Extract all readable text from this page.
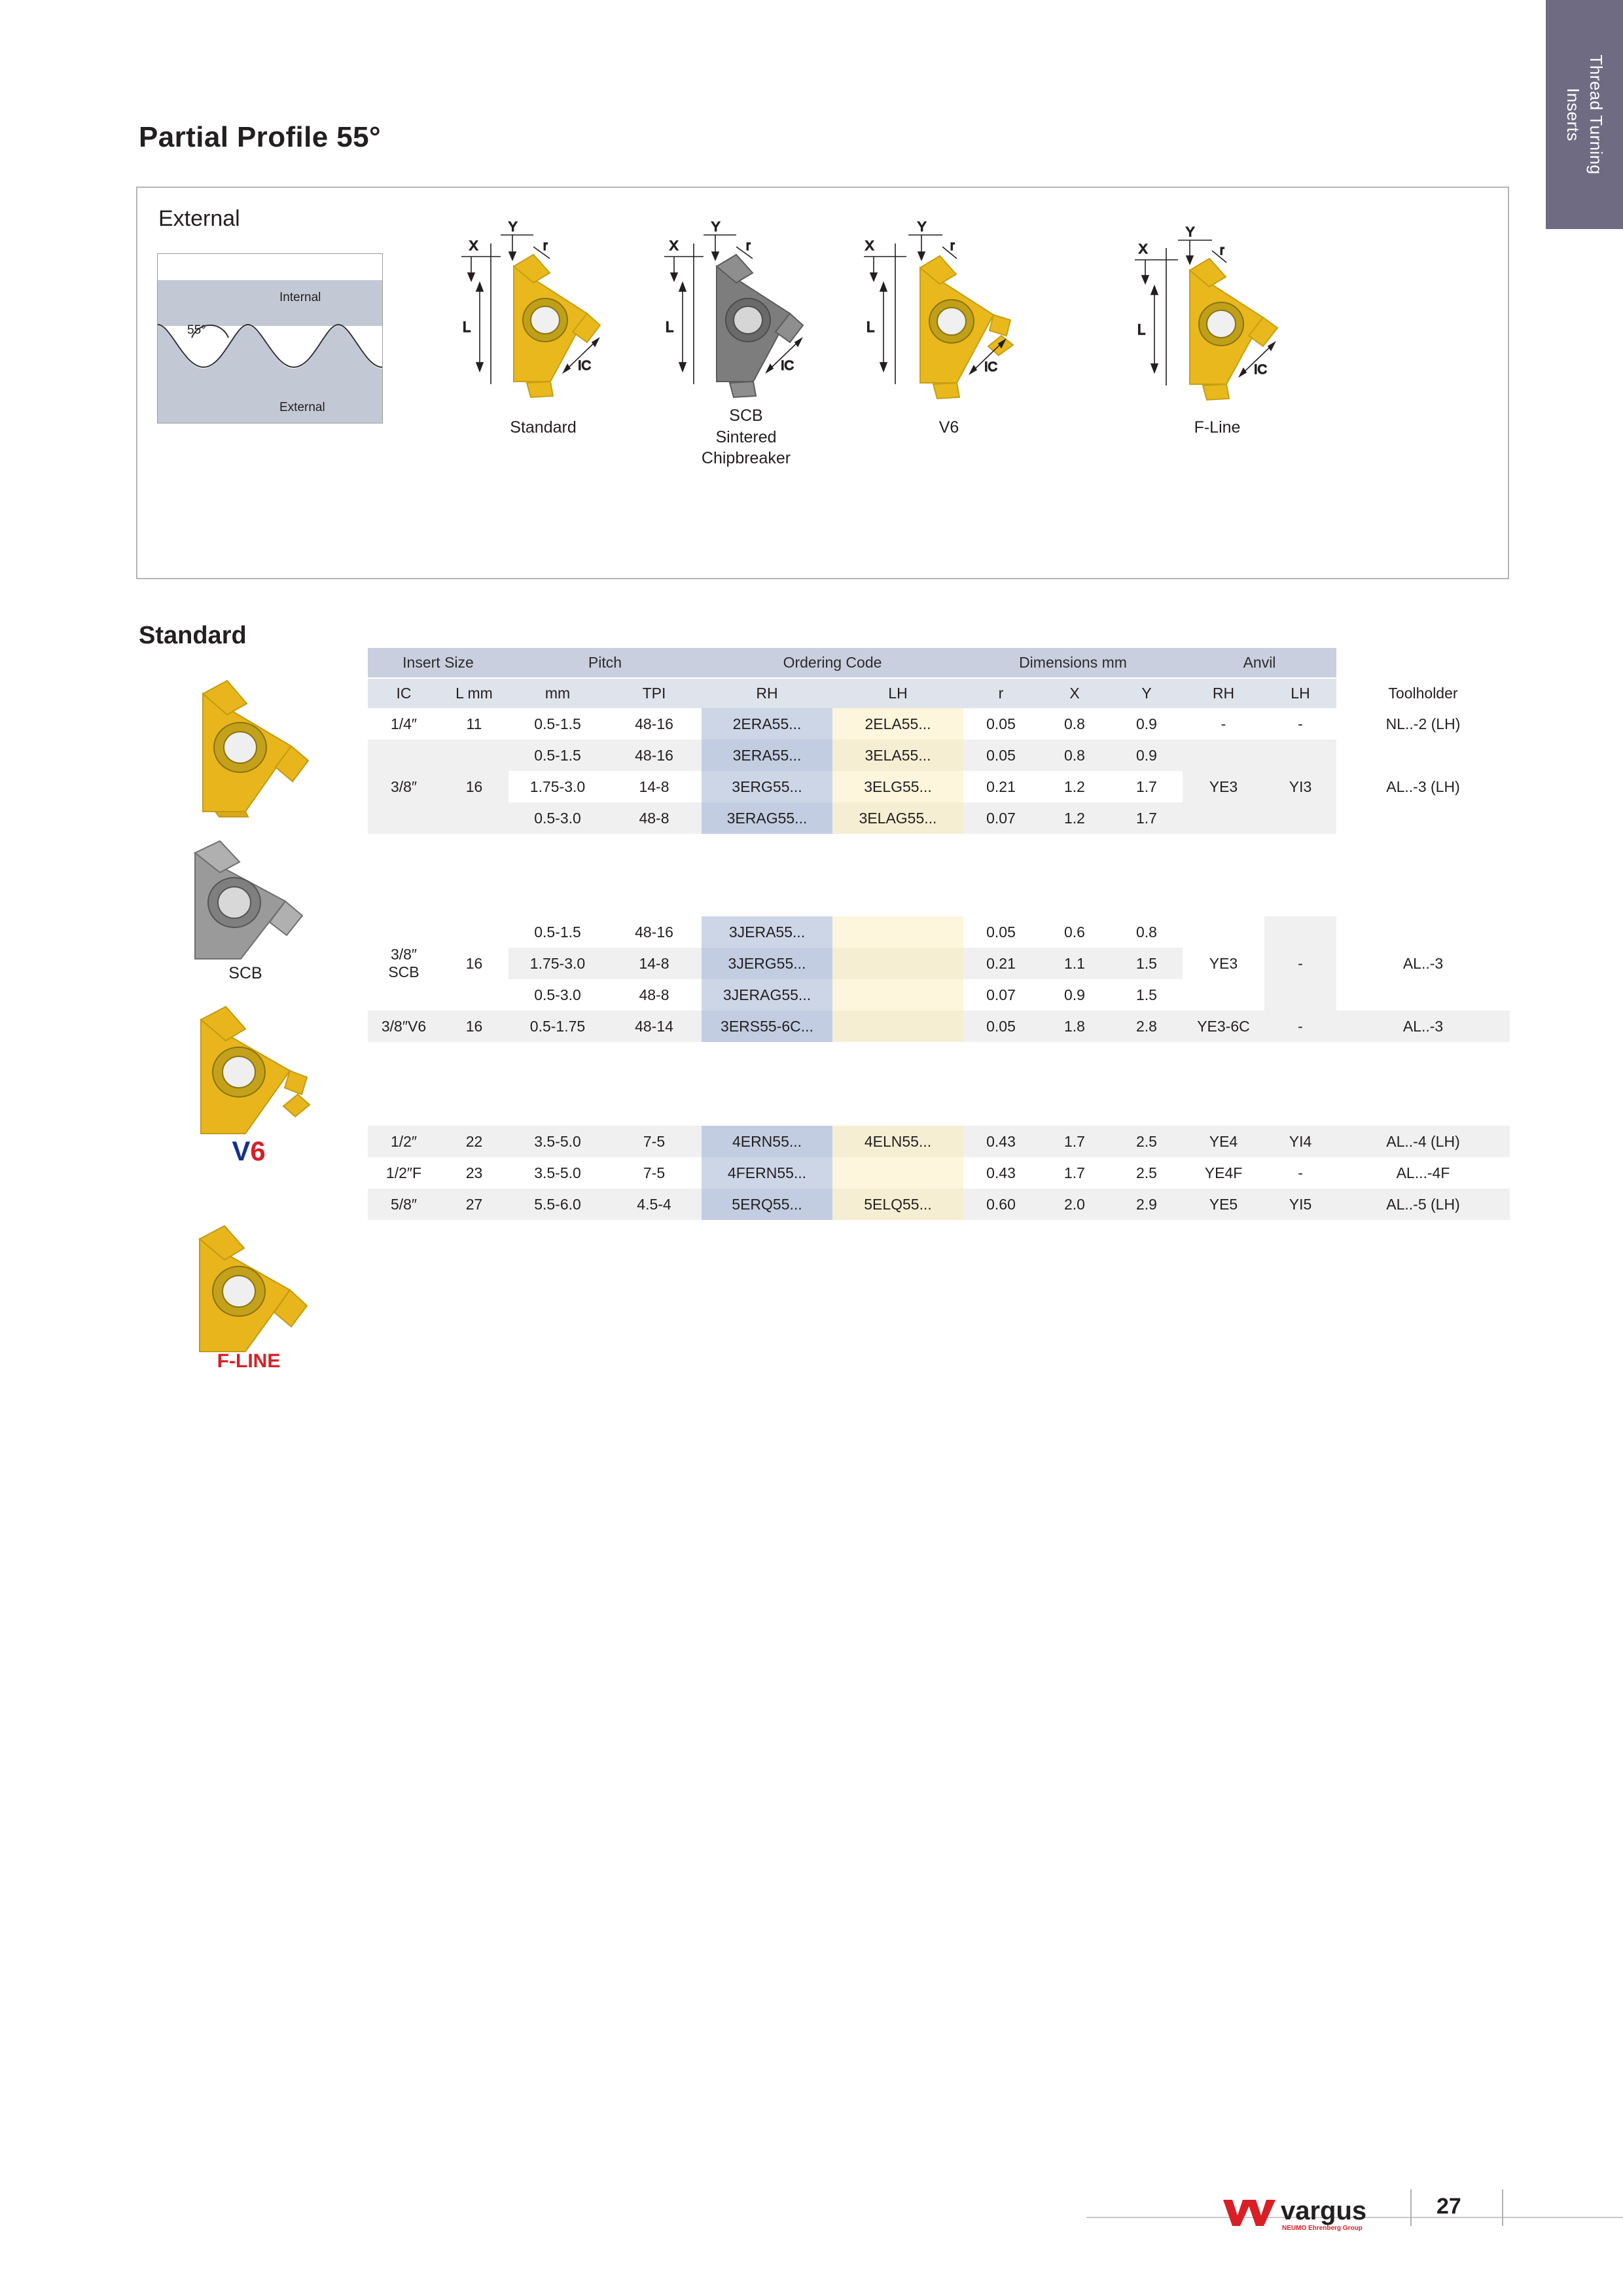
Thread Turning
Inserts
Partial Profile 55°
External
55°
Internal
External
X
Y
L
r
IC
Standard
X
Y
L
r
IC
SCB
Sintered
Chipbreaker
X
Y
L
r
IC
V6
X
Y
L
r
IC
F-Line
Standard
SCB
V6
F-LINE
Insert Size		Pitch		Ordering Code		Dimensions mm			Anvil		
IC	L mm	mm	TPI	RH	LH	r	X	Y	RH	LH	Toolholder
1/4″	11	0.5-1.5	48-16	2ERA55...	2ELA55...	0.05	0.8	0.9	-	-	NL..-2 (LH)
3/8″	16	0.5-1.5	48-16	3ERA55...	3ELA55...	0.05	0.8	0.9	YE3	YI3	AL..-3 (LH)
		1.75-3.0	14-8	3ERG55...	3ELG55...	0.21	1.2	1.7			
		0.5-3.0	48-8	3ERAG55...	3ELAG55...	0.07	1.2	1.7			

3/8″
SCB	16	0.5-1.5	48-16	3JERA55...		0.05	0.6	0.8	YE3	-	AL..-3
		1.75-3.0	14-8	3JERG55...		0.21	1.1	1.5			
		0.5-3.0	48-8	3JERAG55...		0.07	0.9	1.5			
3/8″V6	16	0.5-1.75	48-14	3ERS55-6C...		0.05	1.8	2.8	YE3-6C	-	AL..-3

1/2″	22	3.5-5.0	7-5	4ERN55...	4ELN55...	0.43	1.7	2.5	YE4	YI4	AL..-4 (LH)
1/2″F	23	3.5-5.0	7-5	4FERN55...		0.43	1.7	2.5	YE4F	-	AL...-4F
5/8″	27	5.5-6.0	4.5-4	5ERQ55...	5ELQ55...	0.60	2.0	2.9	YE5	YI5	AL..-5 (LH)
vargus
NEUMO Ehrenberg Group
27
